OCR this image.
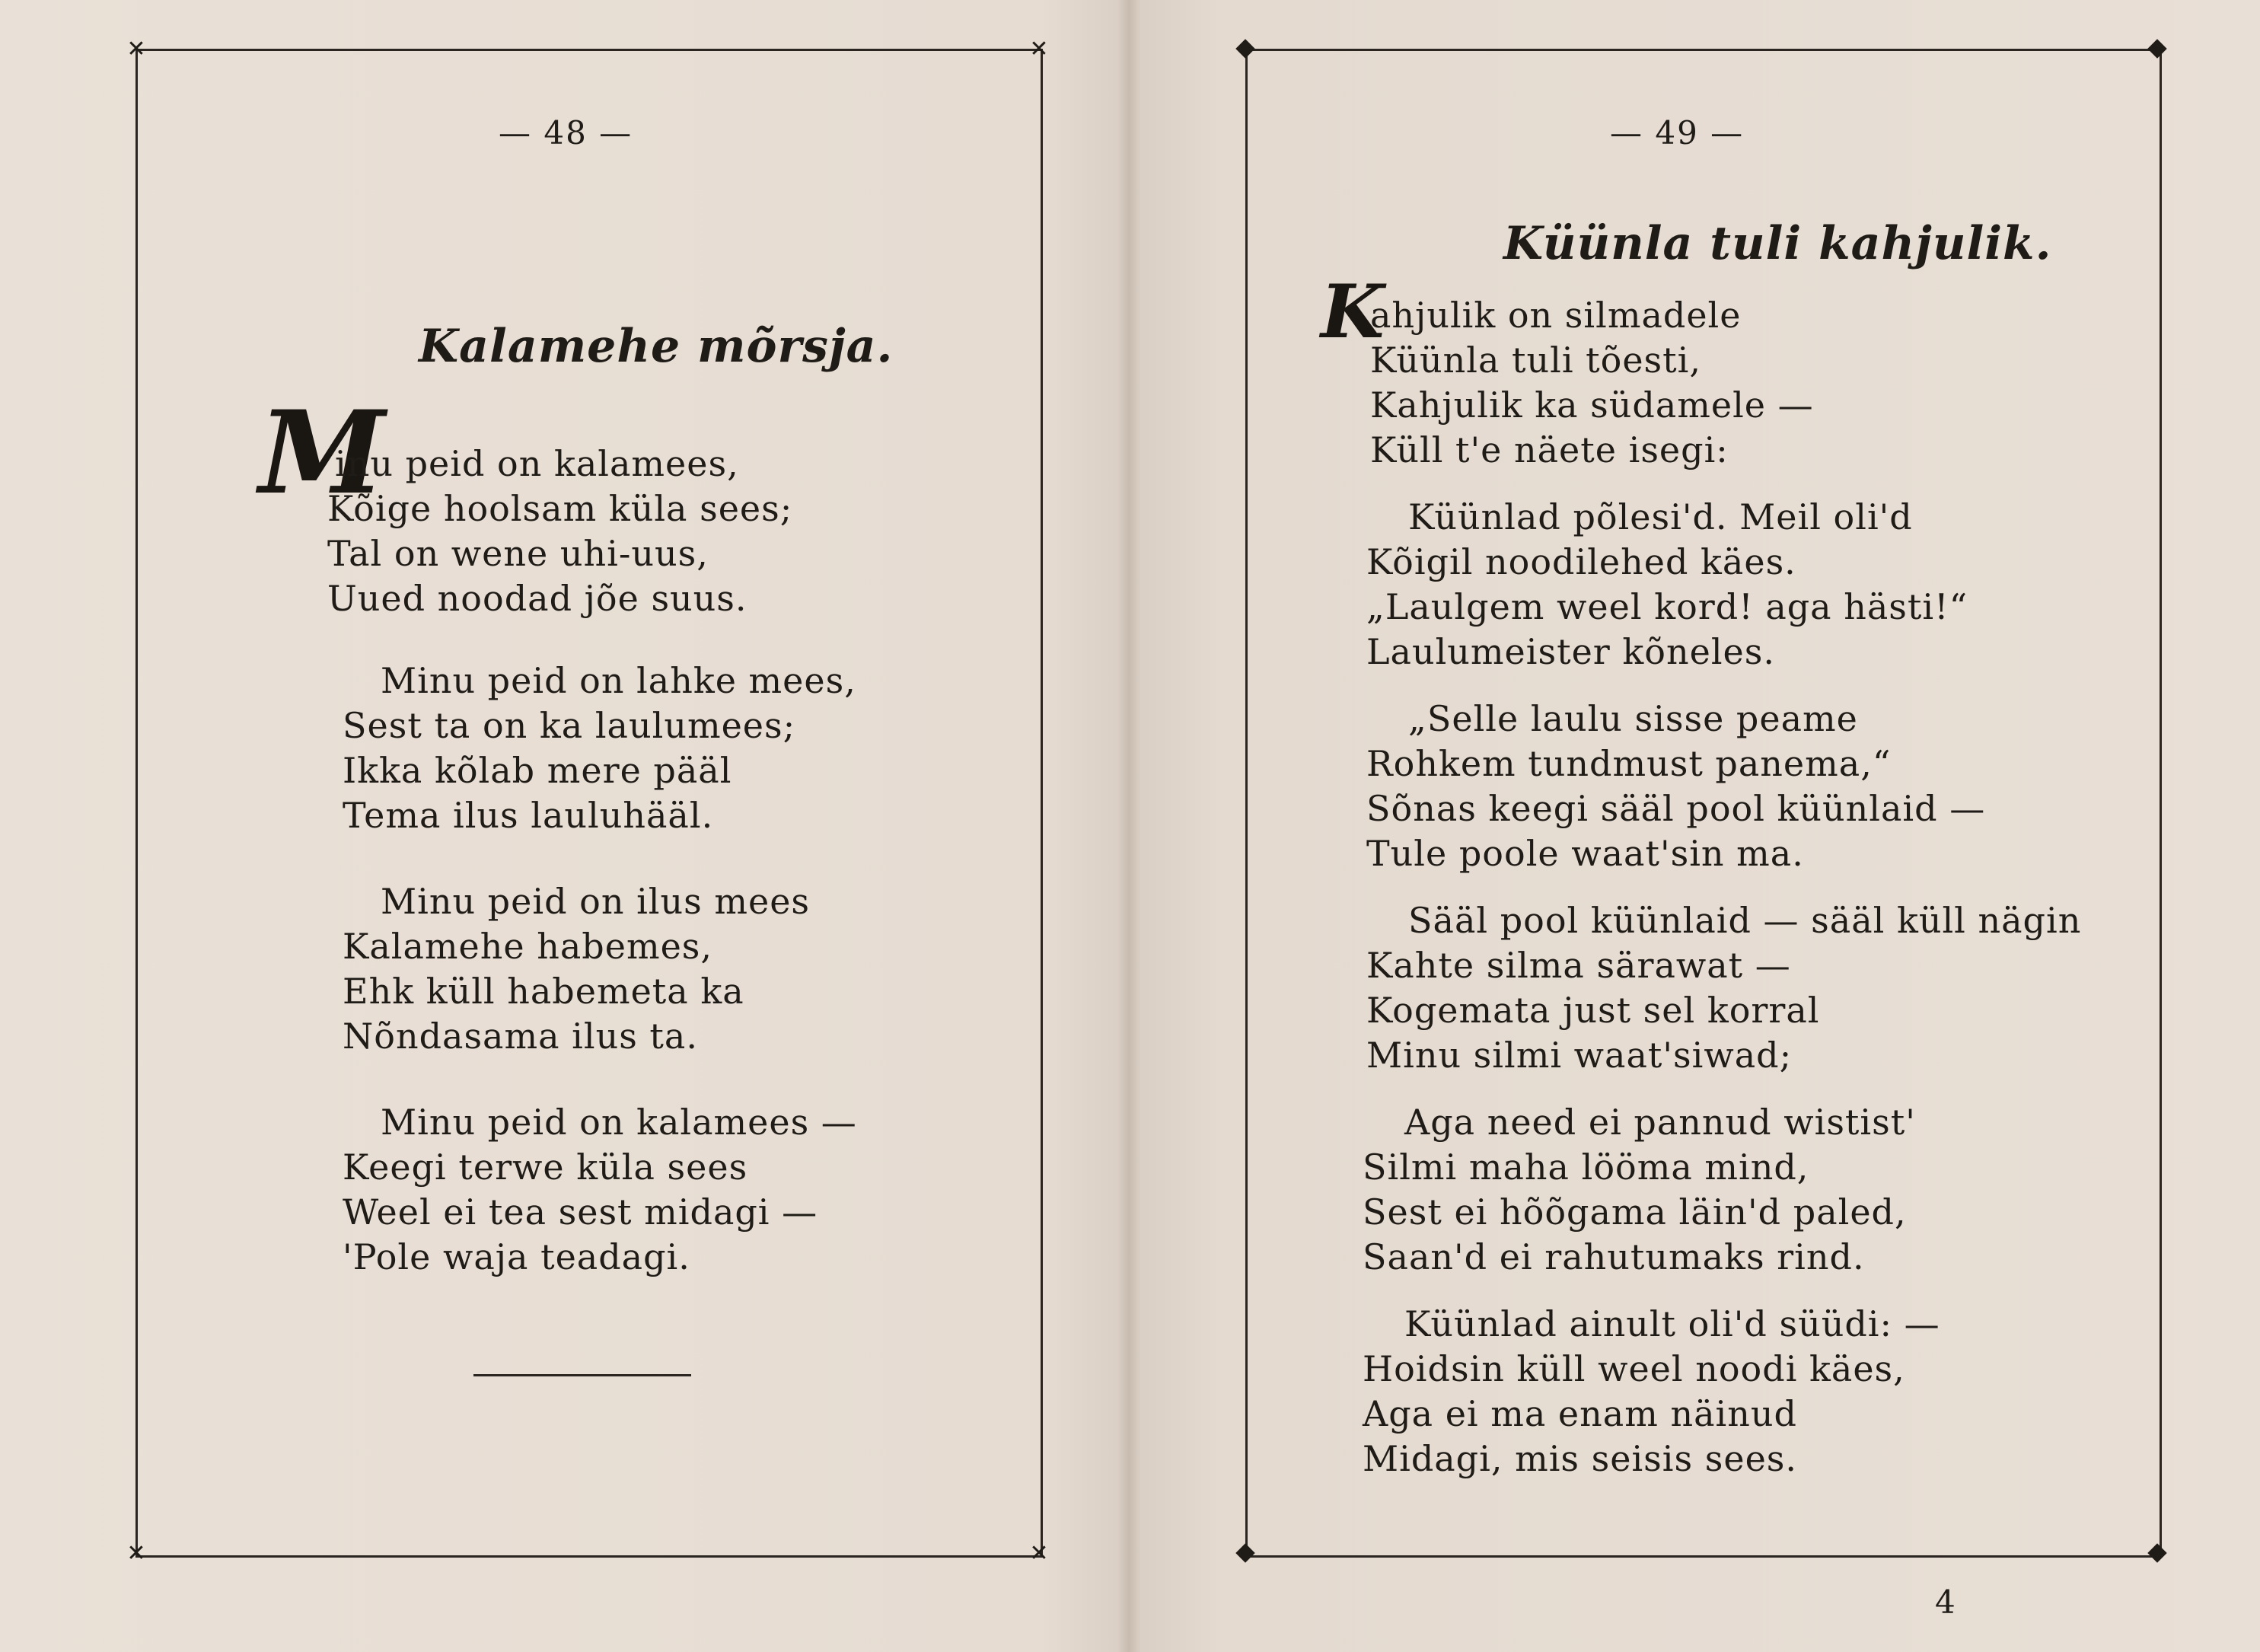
✕	✕
✕	✕
— 48 —
Kalamehe mõrsja.
M
inu peid on kalamees,
Kõige hoolsam küla sees;
Tal on wene uhi-uus,
Uued noodad jõe suus.
Minu peid on lahke mees,
Sest ta on ka laulumees;
Ikka kõlab mere pääl
Tema ilus lauluhääl.
Minu peid on ilus mees
Kalamehe habemes,
Ehk küll habemeta ka
Nõndasama ilus ta.
Minu peid on kalamees —
Keegi terwe küla sees
Weel ei tea sest midagi —
'Pole waja teadagi.
— 49 —
Küünla tuli kahjulik.
K
ahjulik on silmadele
Küünla tuli tõesti,
Kahjulik ka südamele —
Küll t'e näete isegi:
Küünlad põlesi'd. Meil oli'd
Kõigil noodilehed käes.
„Laulgem weel kord! aga hästi!“
Laulumeister kõneles.
„Selle laulu sisse peame
Rohkem tundmust panema,“
Sõnas keegi sääl pool küünlaid —
Tule poole waat'sin ma.
Sääl pool küünlaid — sääl küll nägin
Kahte silma särawat —
Kogemata just sel korral
Minu silmi waat'siwad;
Aga need ei pannud wistist'
Silmi maha lööma mind,
Sest ei hõõgama läin'd paled,
Saan'd ei rahutumaks rind.
Küünlad ainult oli'd süüdi: —
Hoidsin küll weel noodi käes,
Aga ei ma enam näinud
Midagi, mis seisis sees.
4
